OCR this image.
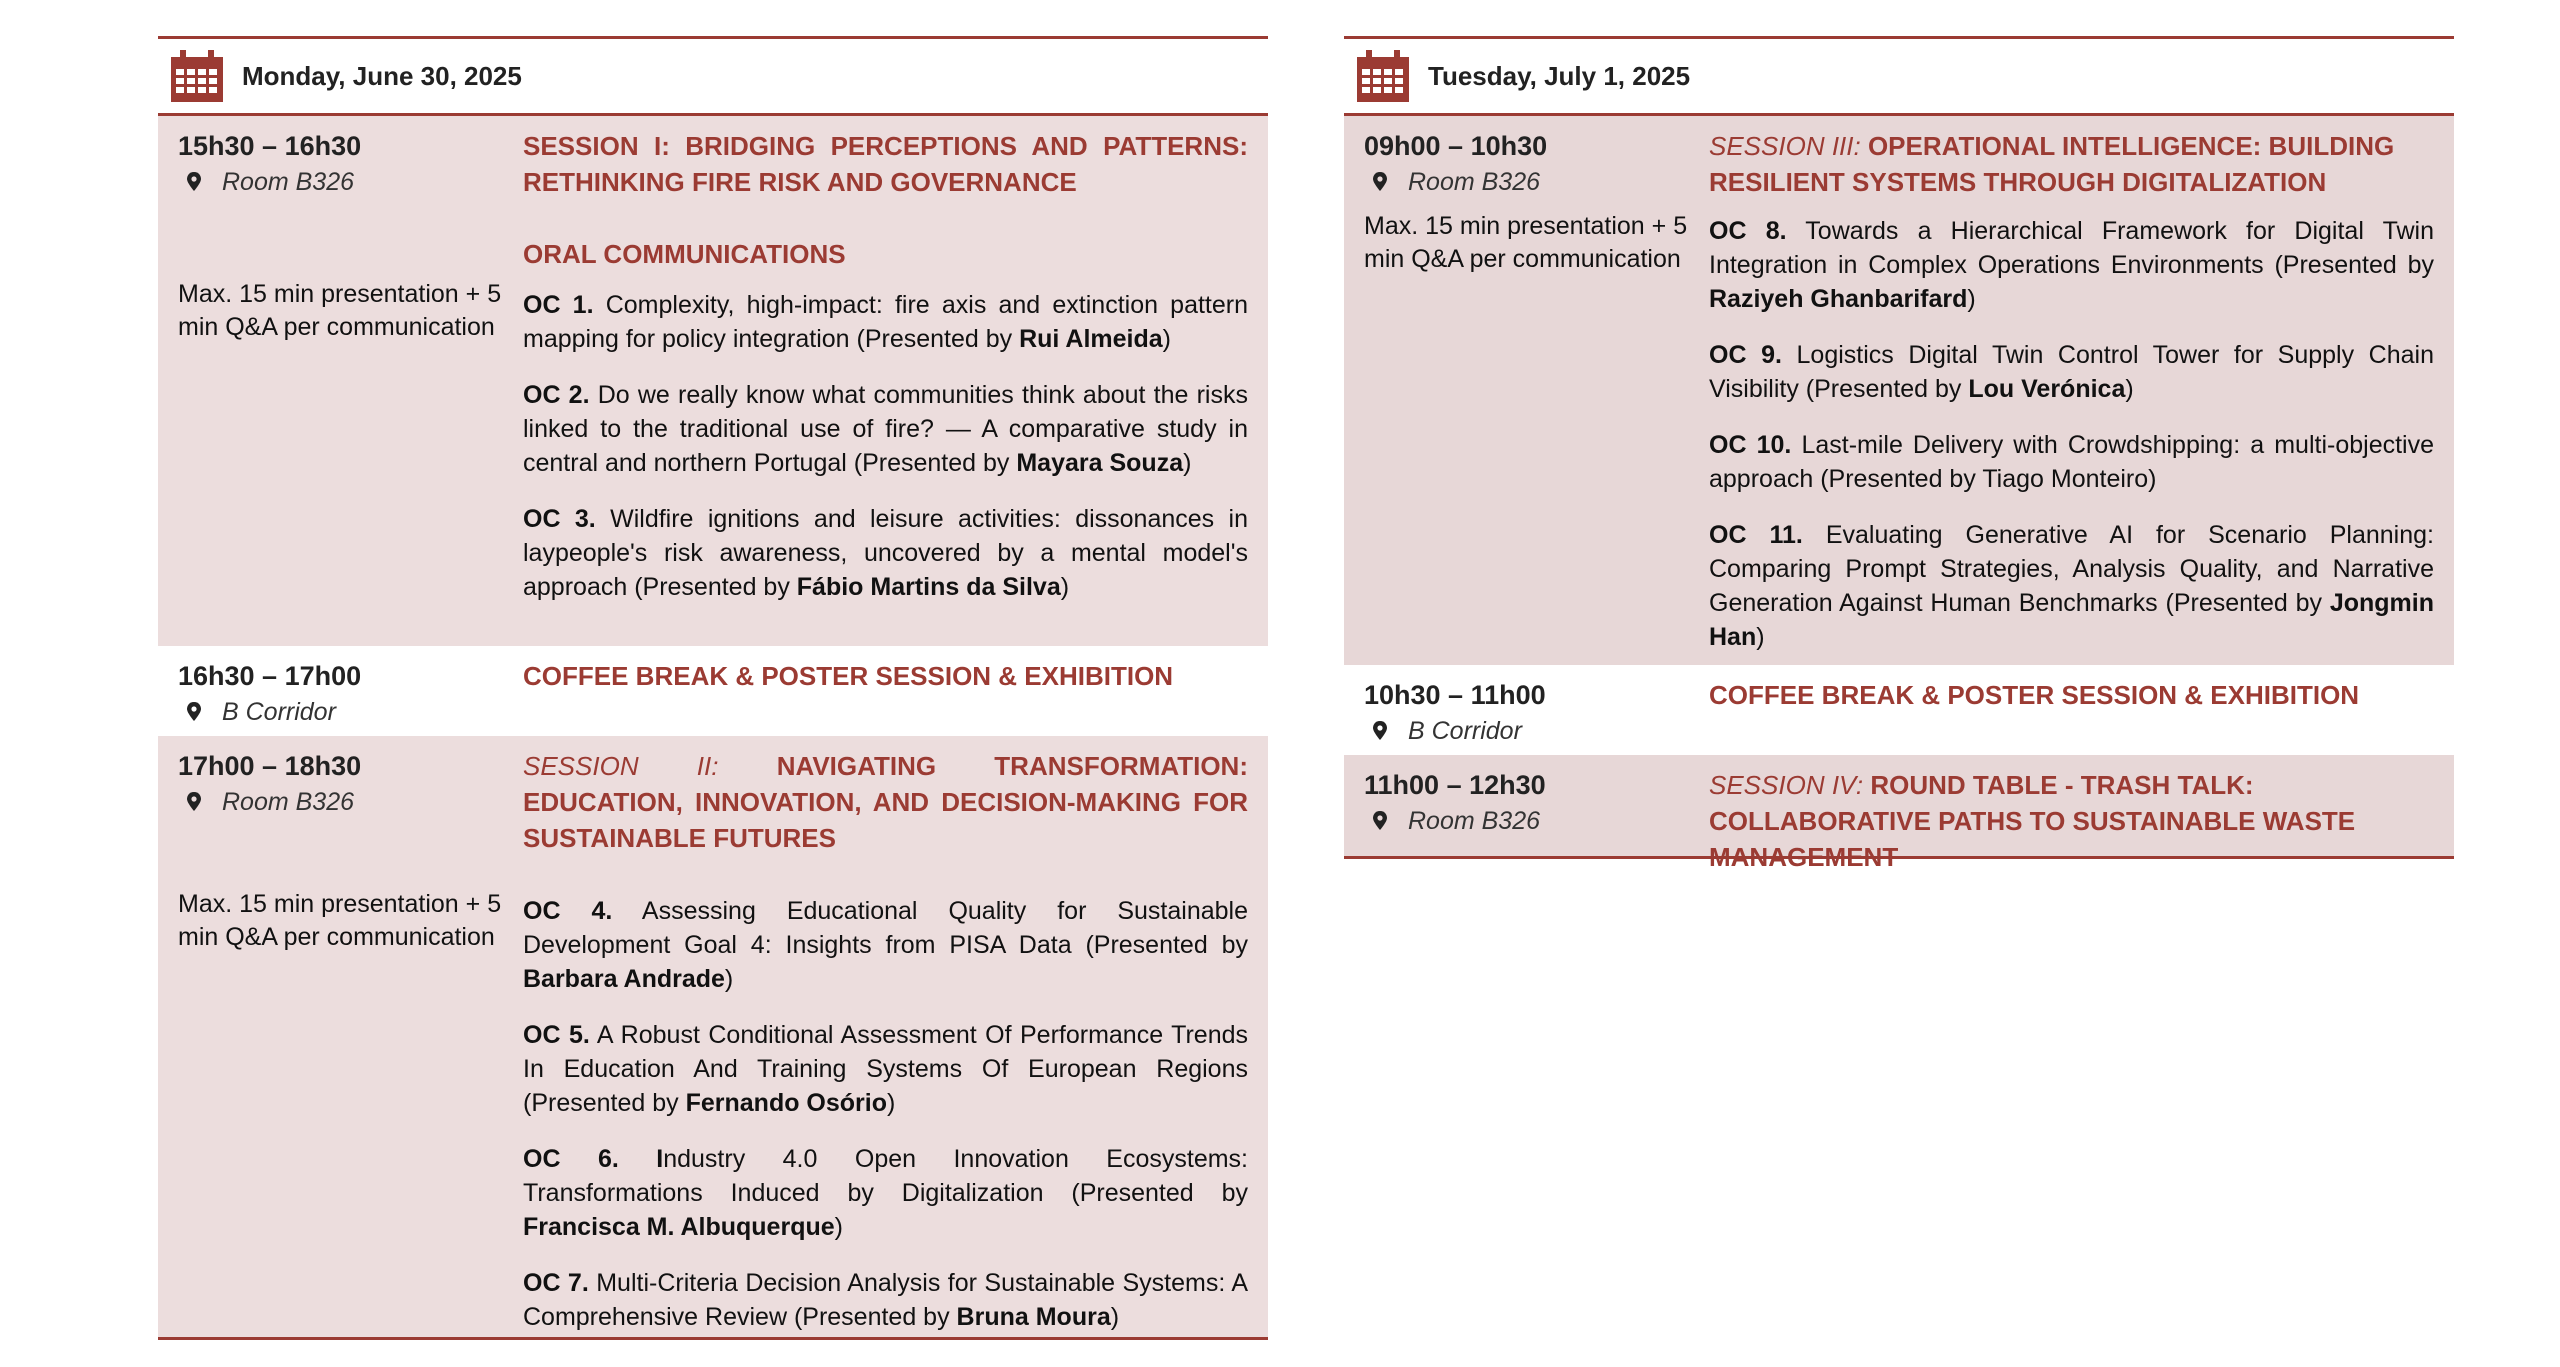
Monday, June 30, 2025
15h30 – 16h30
Room B326
Max. 15 min presentation + 5 min Q&A per communication
SESSION I: BRIDGING PERCEPTIONS AND PATTERNS: RETHINKING FIRE RISK AND GOVERNANCE
ORAL COMMUNICATIONS
OC 1. Complexity, high-impact: fire axis and extinction pattern mapping for policy integration (Presented by Rui Almeida)
OC 2. Do we really know what communities think about the risks linked to the traditional use of fire? — A comparative study in central and northern Portugal (Presented by Mayara Souza)
OC 3. Wildfire ignitions and leisure activities: dissonances in laypeople's risk awareness, uncovered by a mental model's approach (Presented by Fábio Martins da Silva)
16h30 – 17h00
B Corridor
COFFEE BREAK & POSTER SESSION & EXHIBITION
17h00 – 18h30
Room B326
Max. 15 min presentation + 5 min Q&A per communication
SESSION II: NAVIGATING TRANSFORMATION: EDUCATION, INNOVATION, AND DECISION-MAKING FOR SUSTAINABLE FUTURES
OC 4. Assessing Educational Quality for Sustainable Development Goal 4: Insights from PISA Data (Presented by Barbara Andrade)
OC 5. A Robust Conditional Assessment Of Performance Trends In Education And Training Systems Of European Regions (Presented by Fernando Osório)
OC 6. Industry 4.0 Open Innovation Ecosystems: Transformations Induced by Digitalization (Presented by Francisca M. Albuquerque)
OC 7. Multi-Criteria Decision Analysis for Sustainable Systems: A Comprehensive Review (Presented by Bruna Moura)
Tuesday, July 1, 2025
09h00 – 10h30
Room B326
Max. 15 min presentation + 5 min Q&A per communication
SESSION III: OPERATIONAL INTELLIGENCE: BUILDING RESILIENT SYSTEMS THROUGH DIGITALIZATION
OC 8. Towards a Hierarchical Framework for Digital Twin Integration in Complex Operations Environments (Presented by Raziyeh Ghanbarifard)
OC 9. Logistics Digital Twin Control Tower for Supply Chain Visibility (Presented by Lou Verónica)
OC 10. Last-mile Delivery with Crowdshipping: a multi-objective approach (Presented by Tiago Monteiro)
OC 11. Evaluating Generative AI for Scenario Planning: Comparing Prompt Strategies, Analysis Quality, and Narrative Generation Against Human Benchmarks (Presented by Jongmin Han)
10h30 – 11h00
B Corridor
COFFEE BREAK & POSTER SESSION & EXHIBITION
11h00 – 12h30
Room B326
SESSION IV: ROUND TABLE - TRASH TALK: COLLABORATIVE PATHS TO SUSTAINABLE WASTE MANAGEMENT
